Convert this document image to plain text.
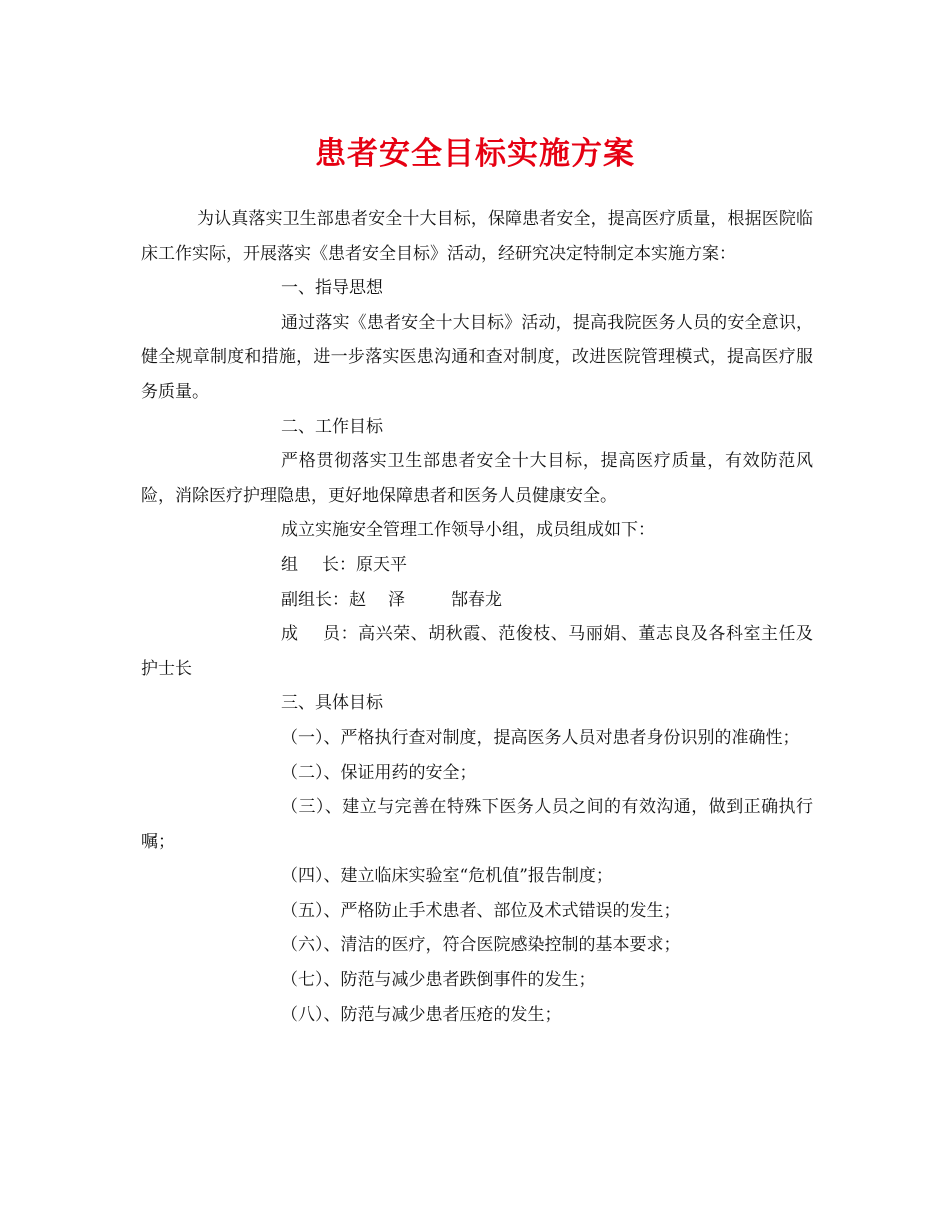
患者安全目标实施方案

为认真落实卫生部患者安全十大目标，保障患者安全，提高医疗质量，根据医院临床工作实际，开展落实《患者安全目标》活动，经研究决定特制定本实施方案：

一、指导思想

通过落实《患者安全十大目标》活动，提高我院医务人员的安全意识，健全规章制度和措施，进一步落实医患沟通和查对制度，改进医院管理模式，提高医疗服务质量。

二、工作目标

严格贯彻落实卫生部患者安全十大目标，提高医疗质量，有效防范风险，消除医疗护理隐患，更好地保障患者和医务人员健康安全。

成立实施安全管理工作领导小组，成员组成如下：

组 长：原天平

副组长：赵 泽	郜春龙

成 员：高兴荣、胡秋霞、范俊枝、马丽娟、董志良及各科室主任及护士长

三、具体目标

（一）、严格执行查对制度，提高医务人员对患者身份识别的准确性；

（二）、保证用药的安全；

（三）、建立与完善在特殊下医务人员之间的有效沟通，做到正确执行嘱；

（四）、建立临床实验室“危机值”报告制度；

（五）、严格防止手术患者、部位及术式错误的发生；

（六）、清洁的医疗，符合医院感染控制的基本要求；

（七）、防范与减少患者跌倒事件的发生；

（八）、防范与减少患者压疮的发生；
